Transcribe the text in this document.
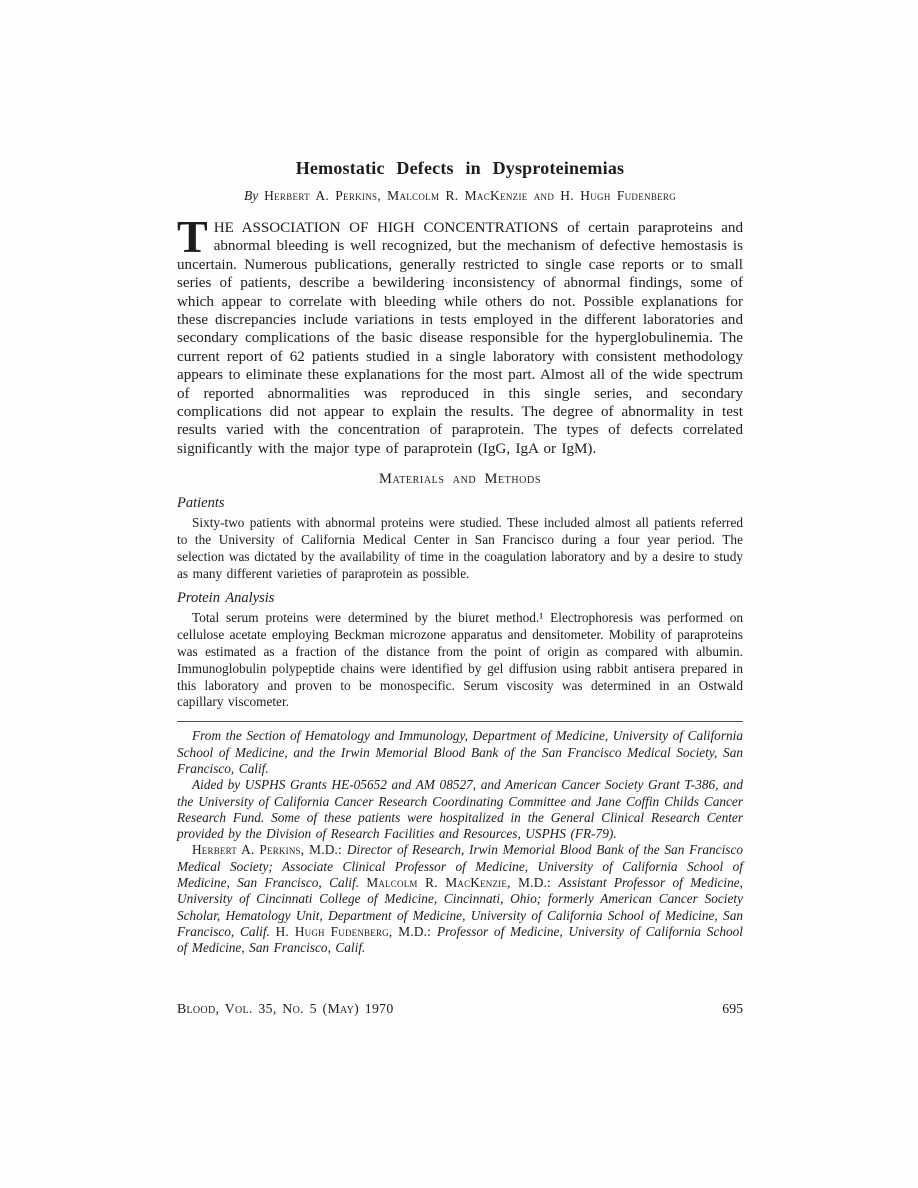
Hemostatic Defects in Dysproteinemias

By Herbert A. Perkins, Malcolm R. MacKenzie and H. Hugh Fudenberg

THE ASSOCIATION OF HIGH CONCENTRATIONS of certain paraproteins and abnormal bleeding is well recognized, but the mechanism of defective hemostasis is uncertain. Numerous publications, generally restricted to single case reports or to small series of patients, describe a bewildering inconsistency of abnormal findings, some of which appear to correlate with bleeding while others do not. Possible explanations for these discrepancies include variations in tests employed in the different laboratories and secondary complications of the basic disease responsible for the hyperglobulinemia. The current report of 62 patients studied in a single laboratory with consistent methodology appears to eliminate these explanations for the most part. Almost all of the wide spectrum of reported abnormalities was reproduced in this single series, and secondary complications did not appear to explain the results. The degree of abnormality in test results varied with the concentration of paraprotein. The types of defects correlated significantly with the major type of paraprotein (IgG, IgA or IgM).

Materials and Methods
Patients

Sixty-two patients with abnormal proteins were studied. These included almost all patients referred to the University of California Medical Center in San Francisco during a four year period. The selection was dictated by the availability of time in the coagulation laboratory and by a desire to study as many different varieties of paraprotein as possible.

Protein Analysis

Total serum proteins were determined by the biuret method.¹ Electrophoresis was performed on cellulose acetate employing Beckman microzone apparatus and densitometer. Mobility of paraproteins was estimated as a fraction of the distance from the point of origin as compared with albumin. Immunoglobulin polypeptide chains were identified by gel diffusion using rabbit antisera prepared in this laboratory and proven to be monospecific. Serum viscosity was determined in an Ostwald capillary viscometer.

From the Section of Hematology and Immunology, Department of Medicine, University of California School of Medicine, and the Irwin Memorial Blood Bank of the San Francisco Medical Society, San Francisco, Calif.

Aided by USPHS Grants HE-05652 and AM 08527, and American Cancer Society Grant T-386, and the University of California Cancer Research Coordinating Committee and Jane Coffin Childs Cancer Research Fund. Some of these patients were hospitalized in the General Clinical Research Center provided by the Division of Research Facilities and Resources, USPHS (FR-79).

Herbert A. Perkins, M.D.: Director of Research, Irwin Memorial Blood Bank of the San Francisco Medical Society; Associate Clinical Professor of Medicine, University of California School of Medicine, San Francisco, Calif. Malcolm R. MacKenzie, M.D.: Assistant Professor of Medicine, University of Cincinnati College of Medicine, Cincinnati, Ohio; formerly American Cancer Society Scholar, Hematology Unit, Department of Medicine, University of California School of Medicine, San Francisco, Calif. H. Hugh Fudenberg, M.D.: Professor of Medicine, University of California School of Medicine, San Francisco, Calif.

Blood, Vol. 35, No. 5 (May) 1970	695
